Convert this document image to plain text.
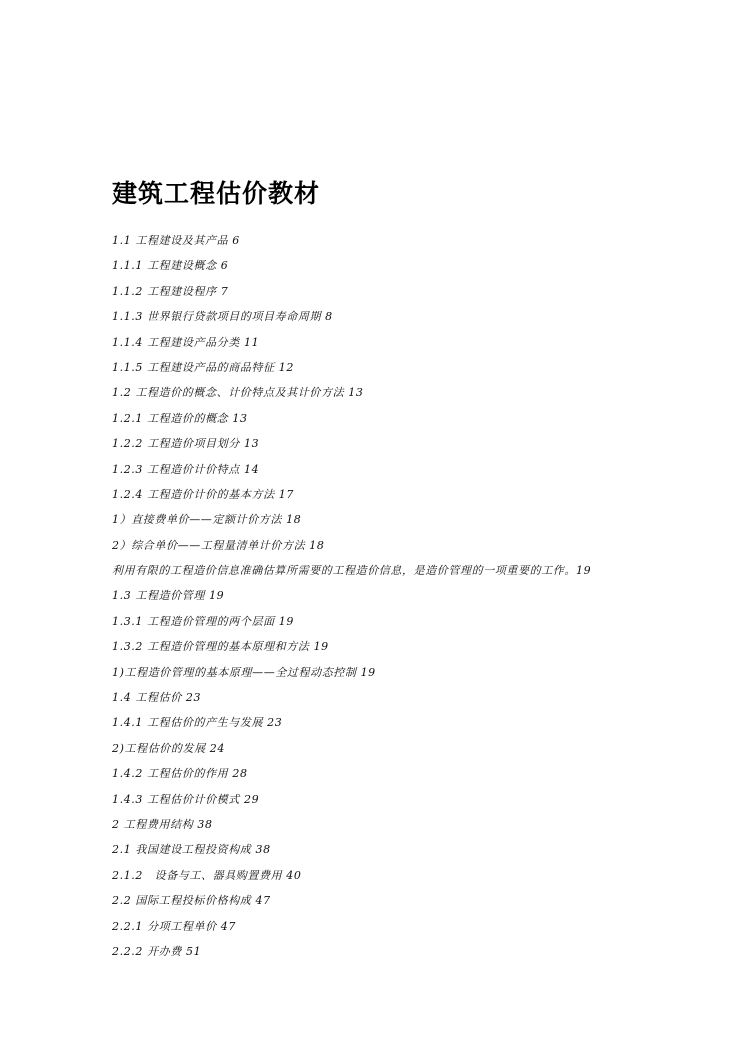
建筑工程估价教材
1.1 工程建设及其产品 6
1.1.1 工程建设概念 6
1.1.2 工程建设程序 7
1.1.3 世界银行贷款项目的项目寿命周期 8
1.1.4 工程建设产品分类 11
1.1.5 工程建设产品的商品特征 12
1.2 工程造价的概念、计价特点及其计价方法 13
1.2.1 工程造价的概念 13
1.2.2 工程造价项目划分 13
1.2.3 工程造价计价特点 14
1.2.4 工程造价计价的基本方法 17
1）直接费单价——定额计价方法 18
2）综合单价——工程量清单计价方法 18
利用有限的工程造价信息准确估算所需要的工程造价信息，是造价管理的一项重要的工作。19
1.3 工程造价管理 19
1.3.1 工程造价管理的两个层面 19
1.3.2 工程造价管理的基本原理和方法 19
1)工程造价管理的基本原理——全过程动态控制 19
1.4 工程估价 23
1.4.1 工程估价的产生与发展 23
2)工程估价的发展 24
1.4.2 工程估价的作用 28
1.4.3 工程估价计价模式 29
2 工程费用结构 38
2.1 我国建设工程投资构成 38
2.1.2　设备与工、器具购置费用 40
2.2 国际工程投标价格构成 47
2.2.1 分项工程单价 47
2.2.2 开办费 51
